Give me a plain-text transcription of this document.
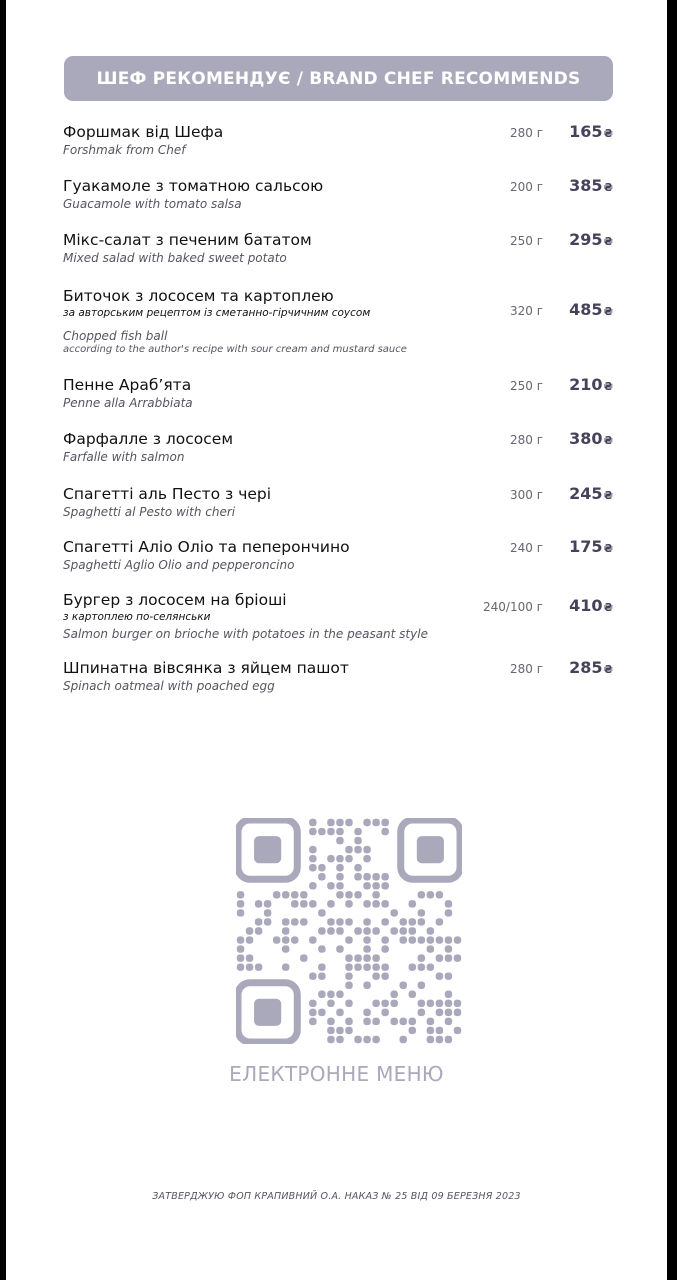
ШЕФ РЕКОМЕНДУЄ / BRAND CHEF RECOMMENDS
Форшмак від Шефа
Forshmak from Chef
280 г 165₴
Гуакамоле з томатною сальсою
Guacamole with tomato salsa
200 г 385₴
Мікс-салат з печеним бататом
Mixed salad with baked sweet potato
250 г 295₴
Биточок з лососем та картоплею
за авторським рецептом із сметанно-гірчичним соусом
Chopped fish ball
according to the author's recipe with sour cream and mustard sauce
320 г 485₴
Пенне Араб’ята
Penne alla Arrabbiata
250 г 210₴
Фарфалле з лососем
Farfalle with salmon
280 г 380₴
Спагетті аль Песто з чері
Spaghetti al Pesto with cheri
300 г 245₴
Спагетті Аліо Оліо та пеперончино
Spaghetti Aglio Olio and pepperoncino
240 г 175₴
Бургер з лососем на бріоші
з картоплею по-селянськи
Salmon burger on brioche with potatoes in the peasant style
240/100 г 410₴
Шпинатна вівсянка з яйцем пашот
Spinach oatmeal with poached egg
280 г 285₴
ЕЛЕКТРОННЕ МЕНЮ
ЗАТВЕРДЖУЮ ФОП КРАПИВНИЙ О.А. НАКАЗ № 25 ВІД 09 БЕРЕЗНЯ 2023
